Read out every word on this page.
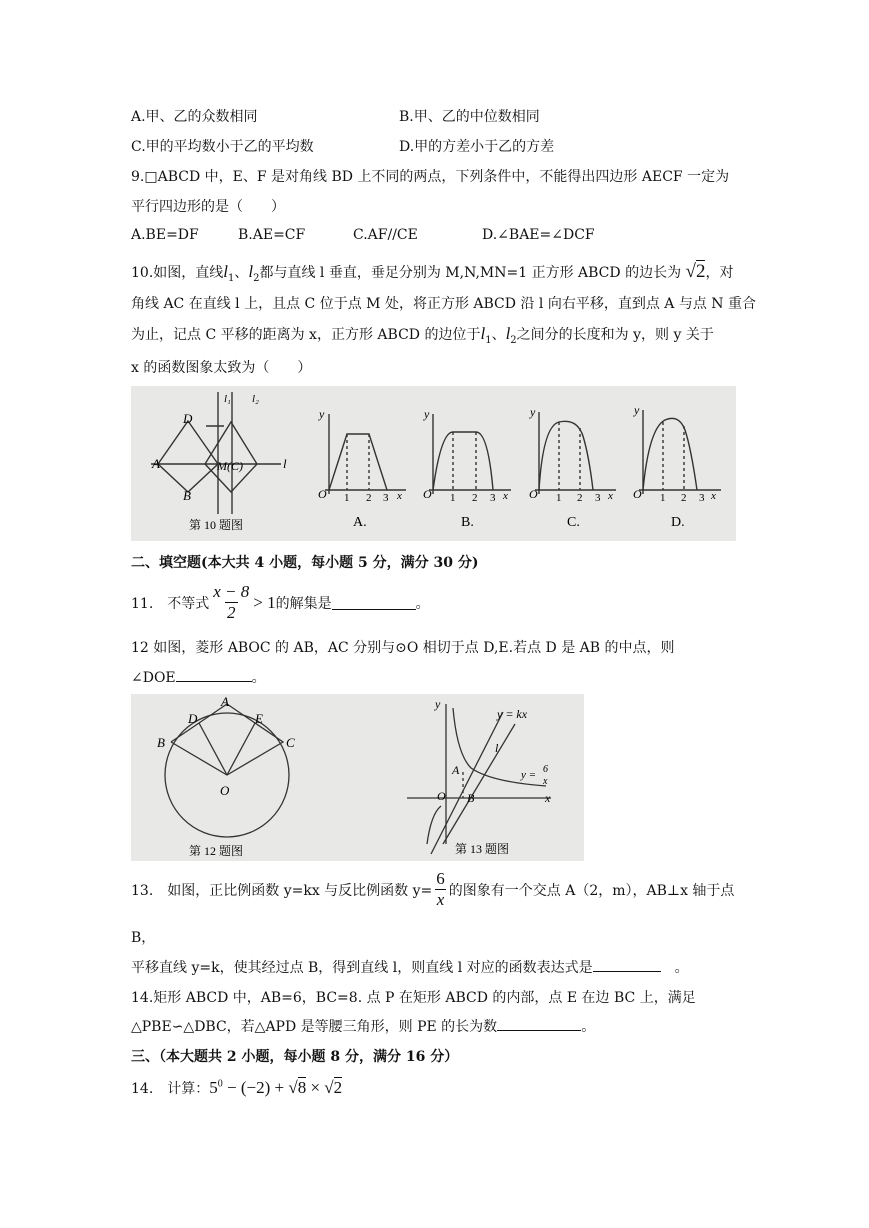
A.甲、乙的众数相同	B.甲、乙的中位数相同
C.甲的平均数小于乙的平均数	D.甲的方差小于乙的方差
9.□ABCD 中，E、F 是对角线 BD 上不同的两点，下列条件中，不能得出四边形 AECF 一定为
平行四边形的是（　　）
A.BE=DF	B.AE=CF	C.AF//CE	D.∠BAE=∠DCF
10.如图，直线$l_1$、$l_2$都与直线 l 垂直，垂足分别为 M,N,MN=1 正方形 ABCD 的边长为 √2，对
角线 AC 在直线 l 上，且点 C 位于点 M 处，将正方形 ABCD 沿 l 向右平移，直到点 A 与点 N 重合
为止，记点 C 平移的距离为 x，正方形 ABCD 的边位于$l_1$、$l_2$之间分的长度和为 y，则 y 关于
x 的函数图象太致为（　　）
D
A
B
M(C)	l
l₁ l₂
第 10 题图
y
O 1 2 3 x
A.
y
O 1 2 3 x
B.
y
O 1 2 3 x
C.
y
O 1 2 3 x
D.
二、填空题(本大共 4 小题，每小题 5 分，满分 30 分)
11.　不等式 $\frac{x - 8}{2} > 1$ 的解集是	。
12 如图，菱形 ABOC 的 AB，AC 分别与⊙O 相切于点 D,E.若点 D 是 AB 的中点，则
∠DOE	。
A
B	C
D	E
O
第 12 题图
y
x
O B
A
l
y = kx
y = 6
x
第 13 题图
13.　如图，正比例函数 y=kx 与反比例函数 $y= \frac{6}{x}$ 的图象有一个交点 A（2，m），AB⊥x 轴于点
B，
平移直线 y=k，使其经过点 B，得到直线 l，则直线 l 对应的函数表达式是	。
14.矩形 ABCD 中，AB=6，BC=8. 点 P 在矩形 ABCD 的内部，点 E 在边 BC 上，满足
△PBE∽△DBC，若△APD 是等腰三角形，则 PE 的长为数	。
三、（本大题共 2 小题，每小题 8 分，满分 16 分）
14.　计算：$5^0 - (-2) + √8 \times √2$
